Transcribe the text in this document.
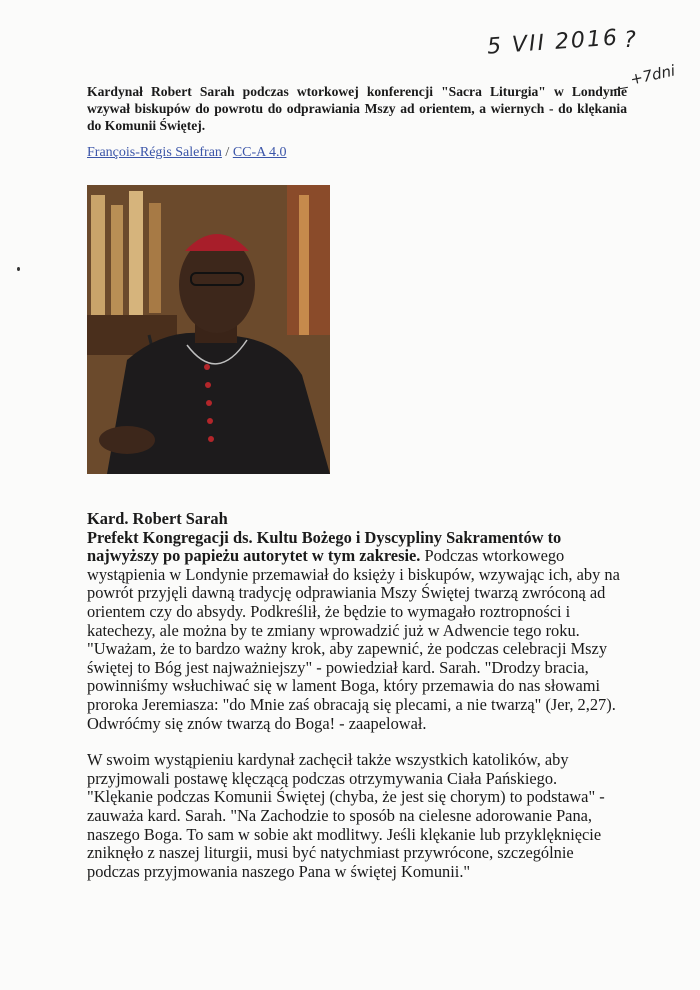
5 VII 2016 ?
+7dni

Kardynał Robert Sarah podczas wtorkowej konferencji "Sacra Liturgia" w Londynie wzywał biskupów do powrotu do odprawiania Mszy ad orientem, a wiernych - do klękania do Komunii Świętej.

François-Régis Salefran / CC-A 4.0

Kard. Robert Sarah

Prefekt Kongregacji ds. Kultu Bożego i Dyscypliny Sakramentów to najwyższy po papieżu autorytet w tym zakresie. Podczas wtorkowego wystąpienia w Londynie przemawiał do księży i biskupów, wzywając ich, aby na powrót przyjęli dawną tradycję odprawiania Mszy Świętej twarzą zwróconą ad orientem czy do absydy. Podkreślił, że będzie to wymagało roztropności i katechezy, ale można by te zmiany wprowadzić już w Adwencie tego roku. "Uważam, że to bardzo ważny krok, aby zapewnić, że podczas celebracji Mszy świętej to Bóg jest najważniejszy" - powiedział kard. Sarah. "Drodzy bracia, powinniśmy wsłuchiwać się w lament Boga, który przemawia do nas słowami proroka Jeremiasza: "do Mnie zaś obracają się plecami, a nie twarzą" (Jer, 2,27). Odwróćmy się znów twarzą do Boga! - zaapelował.

W swoim wystąpieniu kardynał zachęcił także wszystkich katolików, aby przyjmowali postawę klęczącą podczas otrzymywania Ciała Pańskiego. "Klękanie podczas Komunii Świętej (chyba, że jest się chorym) to podstawa" - zauważa kard. Sarah. "Na Zachodzie to sposób na cielesne adorowanie Pana, naszego Boga. To sam w sobie akt modlitwy. Jeśli klękanie lub przyklęknięcie zniknęło z naszej liturgii, musi być natychmiast przywrócone, szczególnie podczas przyjmowania naszego Pana w świętej Komunii."
